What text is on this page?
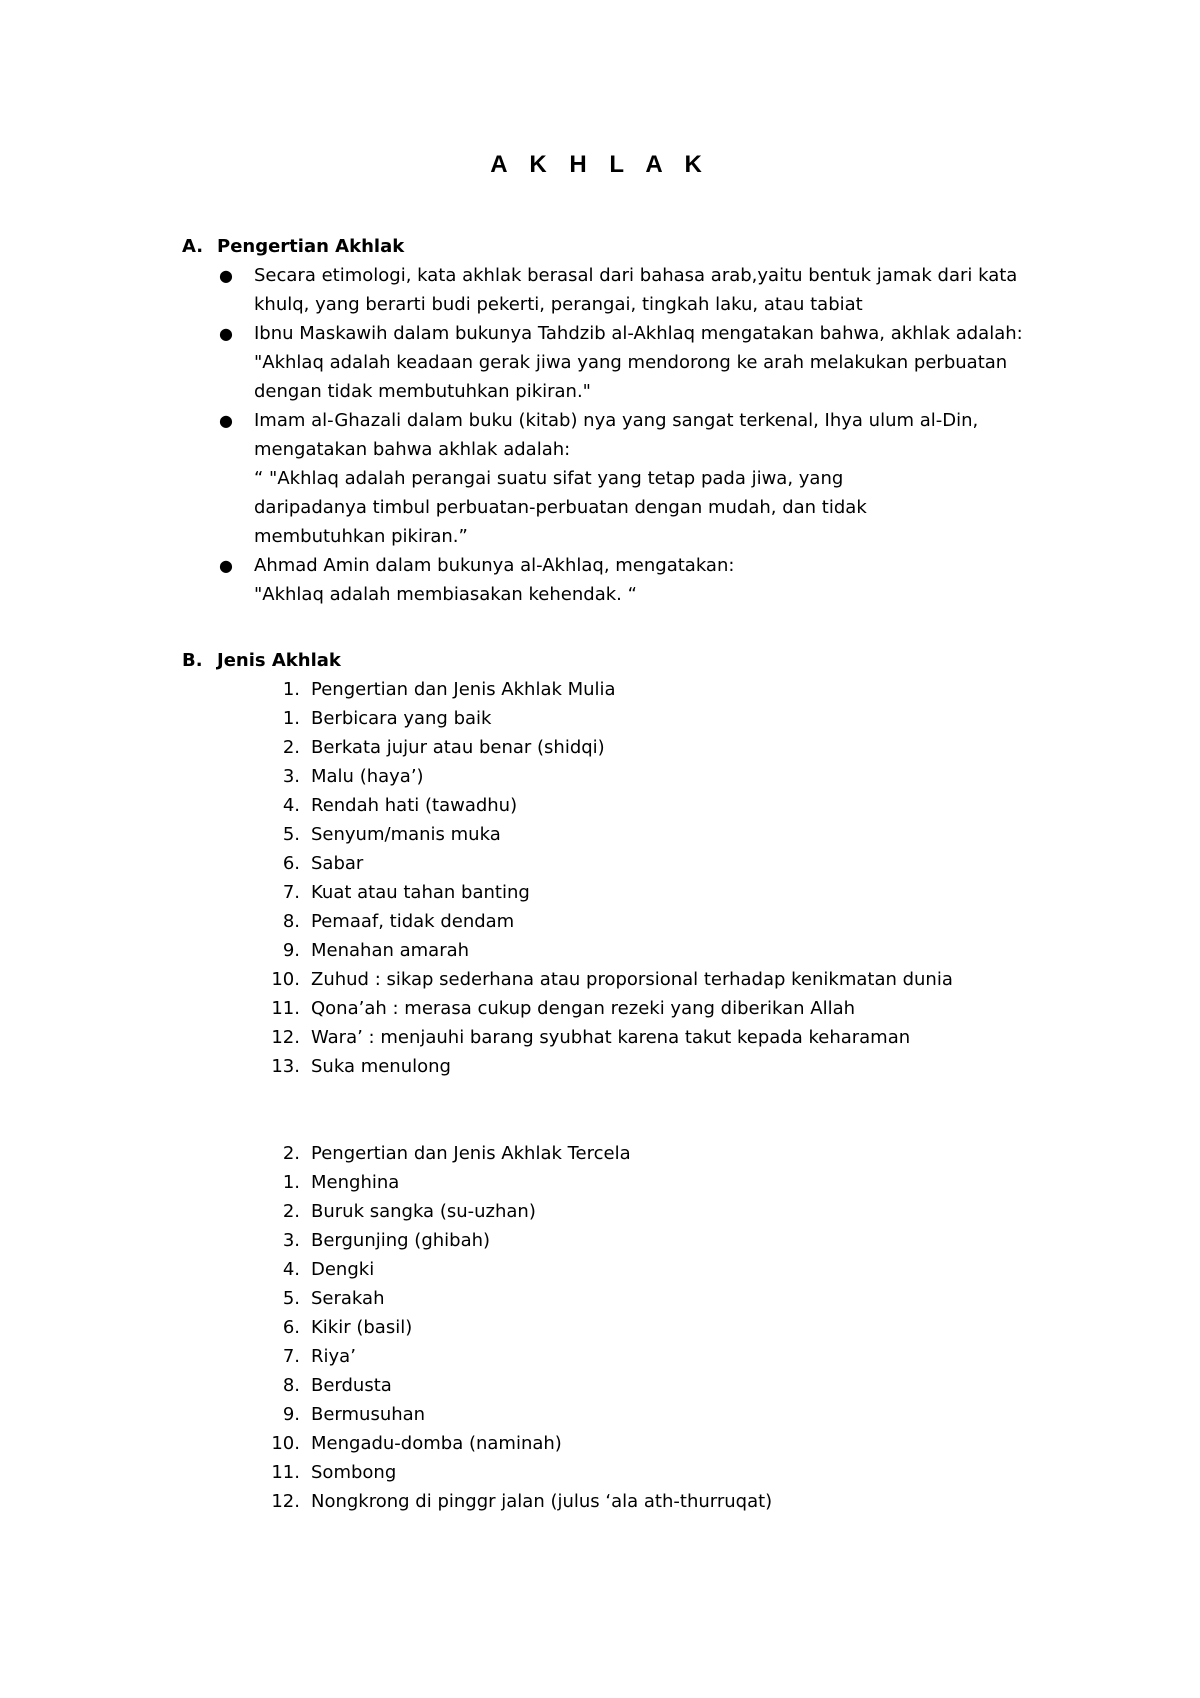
A K H L A K
A. Pengertian Akhlak
● Secara etimologi, kata akhlak berasal dari bahasa arab,yaitu bentuk jamak dari kata
khulq, yang berarti budi pekerti, perangai, tingkah laku, atau tabiat
● Ibnu Maskawih dalam bukunya Tahdzib al-Akhlaq mengatakan bahwa, akhlak adalah:
"Akhlaq adalah keadaan gerak jiwa yang mendorong ke arah melakukan perbuatan
dengan tidak membutuhkan pikiran."
● Imam al-Ghazali dalam buku (kitab) nya yang sangat terkenal, Ihya ulum al-Din,
mengatakan bahwa akhlak adalah:
“ "Akhlaq adalah perangai suatu sifat yang tetap pada jiwa, yang
daripadanya timbul perbuatan-perbuatan dengan mudah, dan tidak
membutuhkan pikiran.”
● Ahmad Amin dalam bukunya al-Akhlaq, mengatakan:
"Akhlaq adalah membiasakan kehendak. “
B. Jenis Akhlak
1. Pengertian dan Jenis Akhlak Mulia
1. Berbicara yang baik
2. Berkata jujur atau benar (shidqi)
3. Malu (haya’)
4. Rendah hati (tawadhu)
5. Senyum/manis muka
6. Sabar
7. Kuat atau tahan banting
8. Pemaaf, tidak dendam
9. Menahan amarah
10. Zuhud : sikap sederhana atau proporsional terhadap kenikmatan dunia
11. Qona’ah : merasa cukup dengan rezeki yang diberikan Allah
12. Wara’ : menjauhi barang syubhat karena takut kepada keharaman
13. Suka menulong
2. Pengertian dan Jenis Akhlak Tercela
1. Menghina
2. Buruk sangka (su-uzhan)
3. Bergunjing (ghibah)
4. Dengki
5. Serakah
6. Kikir (basil)
7. Riya’
8. Berdusta
9. Bermusuhan
10. Mengadu-domba (naminah)
11. Sombong
12. Nongkrong di pinggr jalan (julus ‘ala ath-thurruqat)
